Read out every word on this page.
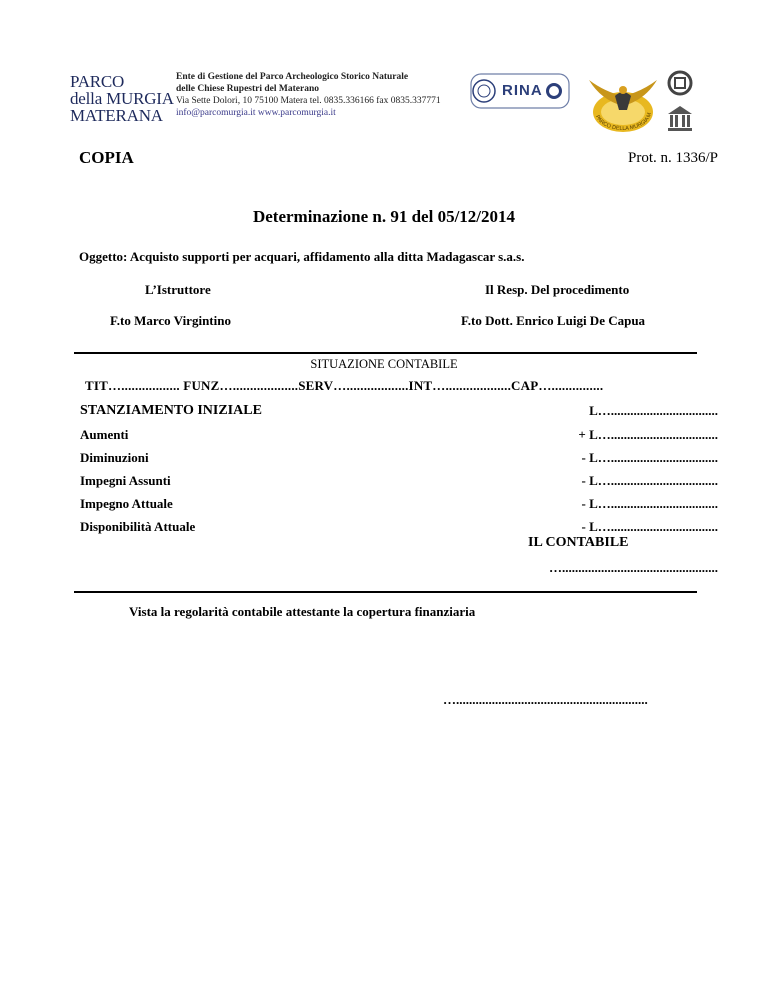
PARCO
della MURGIA
MATERANA
Ente di Gestione del Parco Archeologico Storico Naturale
delle Chiese Rupestri del Materano
Via Sette Dolori, 10 75100 Matera tel. 0835.336166 fax 0835.337771
info@parcomurgia.it www.parcomurgia.it
RINA
PARCO DELLA MURGIA M
COPIA	Prot. n. 1336/P
Determinazione n. 91 del 05/12/2014
Oggetto: Acquisto supporti per acquari, affidamento alla ditta Madagascar s.a.s.
L’Istruttore	Il Resp. Del procedimento
F.to Marco Virgintino	F.to Dott. Enrico Luigi De Capua
SITUAZIONE CONTABILE
TIT…................. FUNZ…...................SERV…..................INT…...................CAP…...............
STANZIAMENTO INIZIALE	L….................................
Aumenti	+ L….................................
Diminuzioni	- L….................................
Impegni Assunti	- L….................................
Impegno Attuale	- L….................................
Disponibilità Attuale	- L….................................
IL CONTABILE
…................................................
Vista la regolarità contabile attestante la copertura finanziaria
…...........................................................
